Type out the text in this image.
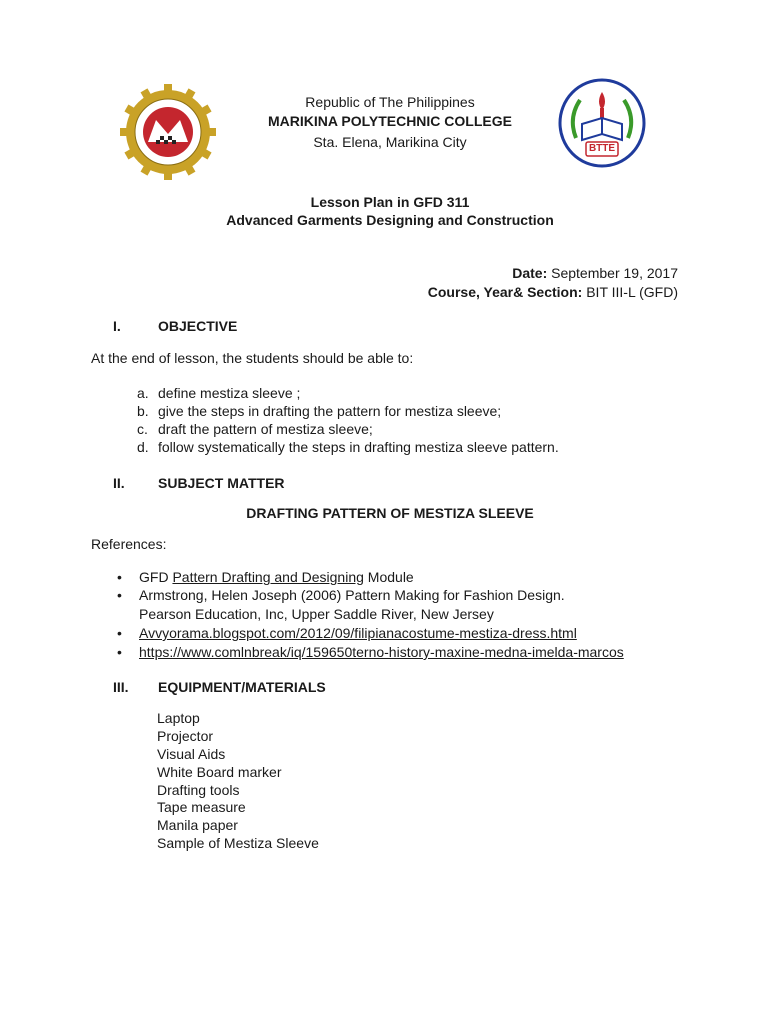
BTTE
Republic of The Philippines
MARIKINA POLYTECHNIC COLLEGE
Sta. Elena, Marikina City
Lesson Plan in GFD 311
Advanced Garments Designing and Construction
Date: September 19, 2017
Course, Year& Section: BIT III-L (GFD)
I.	OBJECTIVE
At the end of lesson, the students should be able to:
a. define mestiza sleeve ;
b. give the steps in drafting the pattern for mestiza sleeve;
c. draft the pattern of mestiza sleeve;
d. follow systematically the steps in drafting mestiza sleeve pattern.
II. SUBJECT MATTER
DRAFTING PATTERN OF MESTIZA SLEEVE
References:
• GFD Pattern Drafting and Designing Module
• Armstrong, Helen Joseph (2006) Pattern Making for Fashion Design.
Pearson Education, Inc, Upper Saddle River, New Jersey
• Avvyorama.blogspot.com/2012/09/filipianacostume-mestiza-dress.html
• https://www.comlnbreak/iq/159650terno-history-maxine-medna-imelda-marcos
III. EQUIPMENT/MATERIALS
Laptop
Projector
Visual Aids
White Board marker
Drafting tools
Tape measure
Manila paper
Sample of Mestiza Sleeve
